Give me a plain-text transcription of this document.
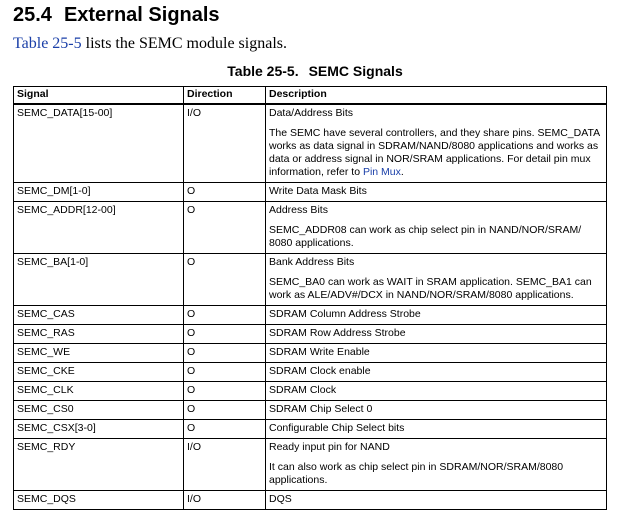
25.4 External Signals
Table 25-5 lists the SEMC module signals.
Table 25-5. SEMC Signals
Signal	Direction	Description
SEMC_DATA[15-00]	I/O	Data/Address Bits

The SEMC have several controllers, and they share pins. SEMC_DATA works as data signal in SDRAM/NAND/8080 applications and works as data or address signal in NOR/SRAM applications. For detail pin mux information, refer to Pin Mux.

SEMC_DM[1-0]	O	Write Data Mask Bits

SEMC_ADDR[12-00]	O	Address Bits

SEMC_ADDR08 can work as chip select pin in NAND/NOR/SRAM/ 8080 applications.

SEMC_BA[1-0]	O	Bank Address Bits

SEMC_BA0 can work as WAIT in SRAM application. SEMC_BA1 can work as ALE/ADV#/DCX in NAND/NOR/SRAM/8080 applications.

SEMC_CAS	O	SDRAM Column Address Strobe

SEMC_RAS	O	SDRAM Row Address Strobe

SEMC_WE	O	SDRAM Write Enable

SEMC_CKE	O	SDRAM Clock enable

SEMC_CLK	O	SDRAM Clock

SEMC_CS0	O	SDRAM Chip Select 0

SEMC_CSX[3-0]	O	Configurable Chip Select bits

SEMC_RDY	I/O	Ready input pin for NAND

It can also work as chip select pin in SDRAM/NOR/SRAM/8080 applications.

SEMC_DQS	I/O	DQS
